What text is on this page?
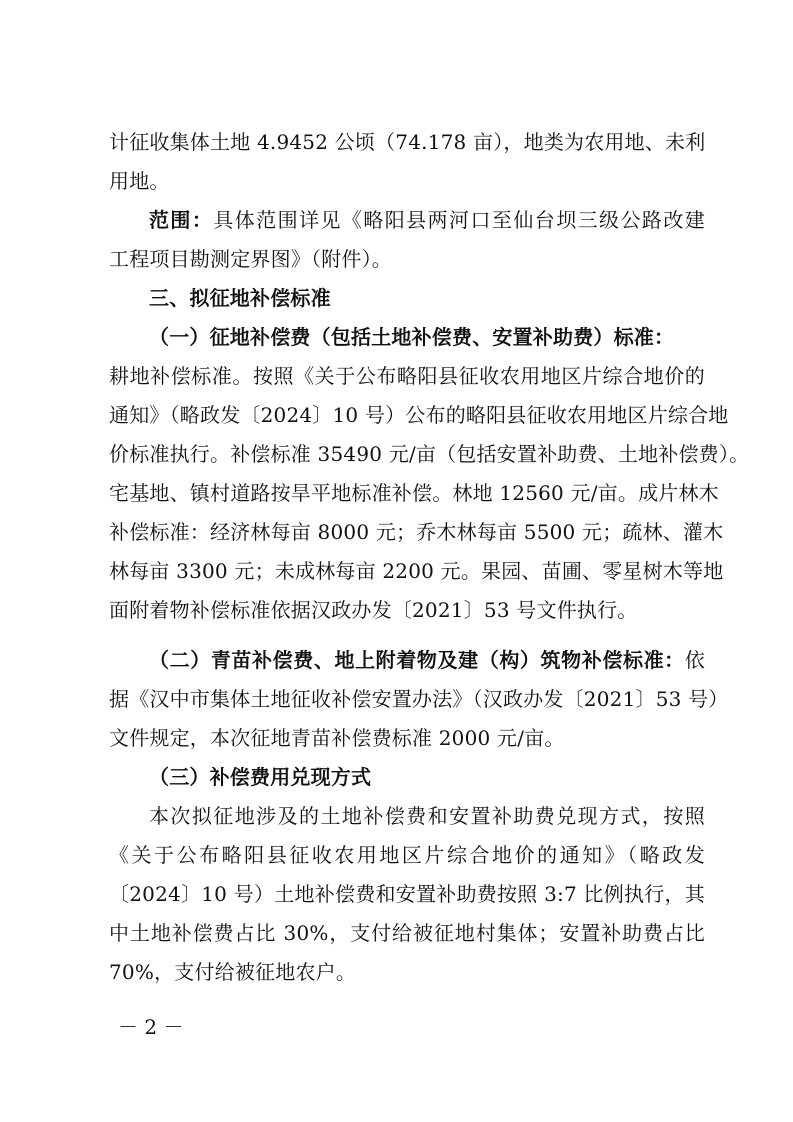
计征收集体土地 4.9452 公顷（74.178 亩），地类为农用地、未利
用地。
范围：具体范围详见《略阳县两河口至仙台坝三级公路改建
工程项目勘测定界图》（附件）。
三、拟征地补偿标准
（一）征地补偿费（包括土地补偿费、安置补助费）标准：
耕地补偿标准。按照《关于公布略阳县征收农用地区片综合地价的
通知》（略政发〔2024〕10 号）公布的略阳县征收农用地区片综合地
价标准执行。补偿标准 35490 元/亩（包括安置补助费、土地补偿费）。
宅基地、镇村道路按旱平地标准补偿。林地 12560 元/亩。成片林木
补偿标准：经济林每亩 8000 元；乔木林每亩 5500 元；疏林、灌木
林每亩 3300 元；未成林每亩 2200 元。果园、苗圃、零星树木等地
面附着物补偿标准依据汉政办发〔2021〕53 号文件执行。
（二）青苗补偿费、地上附着物及建（构）筑物补偿标准：依
据《汉中市集体土地征收补偿安置办法》（汉政办发〔2021〕53 号）
文件规定，本次征地青苗补偿费标准 2000 元/亩。
（三）补偿费用兑现方式
本次拟征地涉及的土地补偿费和安置补助费兑现方式，按照
《关于公布略阳县征收农用地区片综合地价的通知》（略政发
〔2024〕10 号）土地补偿费和安置补助费按照 3:7 比例执行，其
中土地补偿费占比 30%，支付给被征地村集体；安置补助费占比
70%，支付给被征地农户。
－ 2 －
